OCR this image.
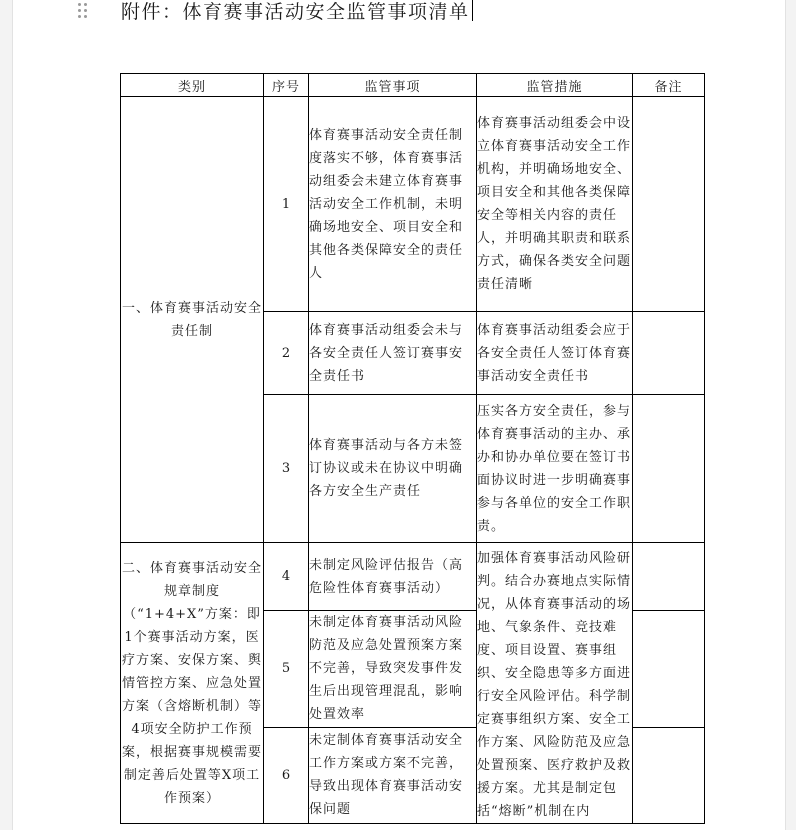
附件：体育赛事活动安全监管事项清单
类别	序号	监管事项	监管措施	备注
一、体育赛事活动安全责任制	1	体育赛事活动安全责任制度落实不够，体育赛事活动组委会未建立体育赛事活动安全工作机制，未明确场地安全、项目安全和其他各类保障安全的责任人	体育赛事活动组委会中设立体育赛事活动安全工作机构，并明确场地安全、项目安全和其他各类保障安全等相关内容的责任人，并明确其职责和联系方式，确保各类安全问题责任清晰	
	2	体育赛事活动组委会未与各安全责任人签订赛事安全责任书	体育赛事活动组委会应于各安全责任人签订体育赛事活动安全责任书	
	3	体育赛事活动与各方未签订协议或未在协议中明确各方安全生产责任	压实各方安全责任，参与体育赛事活动的主办、承办和协办单位要在签订书面协议时进一步明确赛事参与各单位的安全工作职责。	
二、体育赛事活动安全规章制度（“1+4+X”方案：即1个赛事活动方案，医疗方案、安保方案、舆情管控方案、应急处置方案（含熔断机制）等4项安全防护工作预案，根据赛事规模需要制定善后处置等X项工作预案）	4	未制定风险评估报告（高危险性体育赛事活动）	加强体育赛事活动风险研判。结合办赛地点实际情况，从体育赛事活动的场地、气象条件、竞技难度、项目设置、赛事组织、安全隐患等多方面进行安全风险评估。科学制定赛事组织方案、安全工作方案、风险防范及应急处置预案、医疗救护及救援方案。尤其是制定包括“熔断”机制在内	
	5	未制定体育赛事活动风险防范及应急处置预案方案不完善，导致突发事件发生后出现管理混乱，影响处置效率		
	6	未定制体育赛事活动安全工作方案或方案不完善，导致出现体育赛事活动安保问题		
